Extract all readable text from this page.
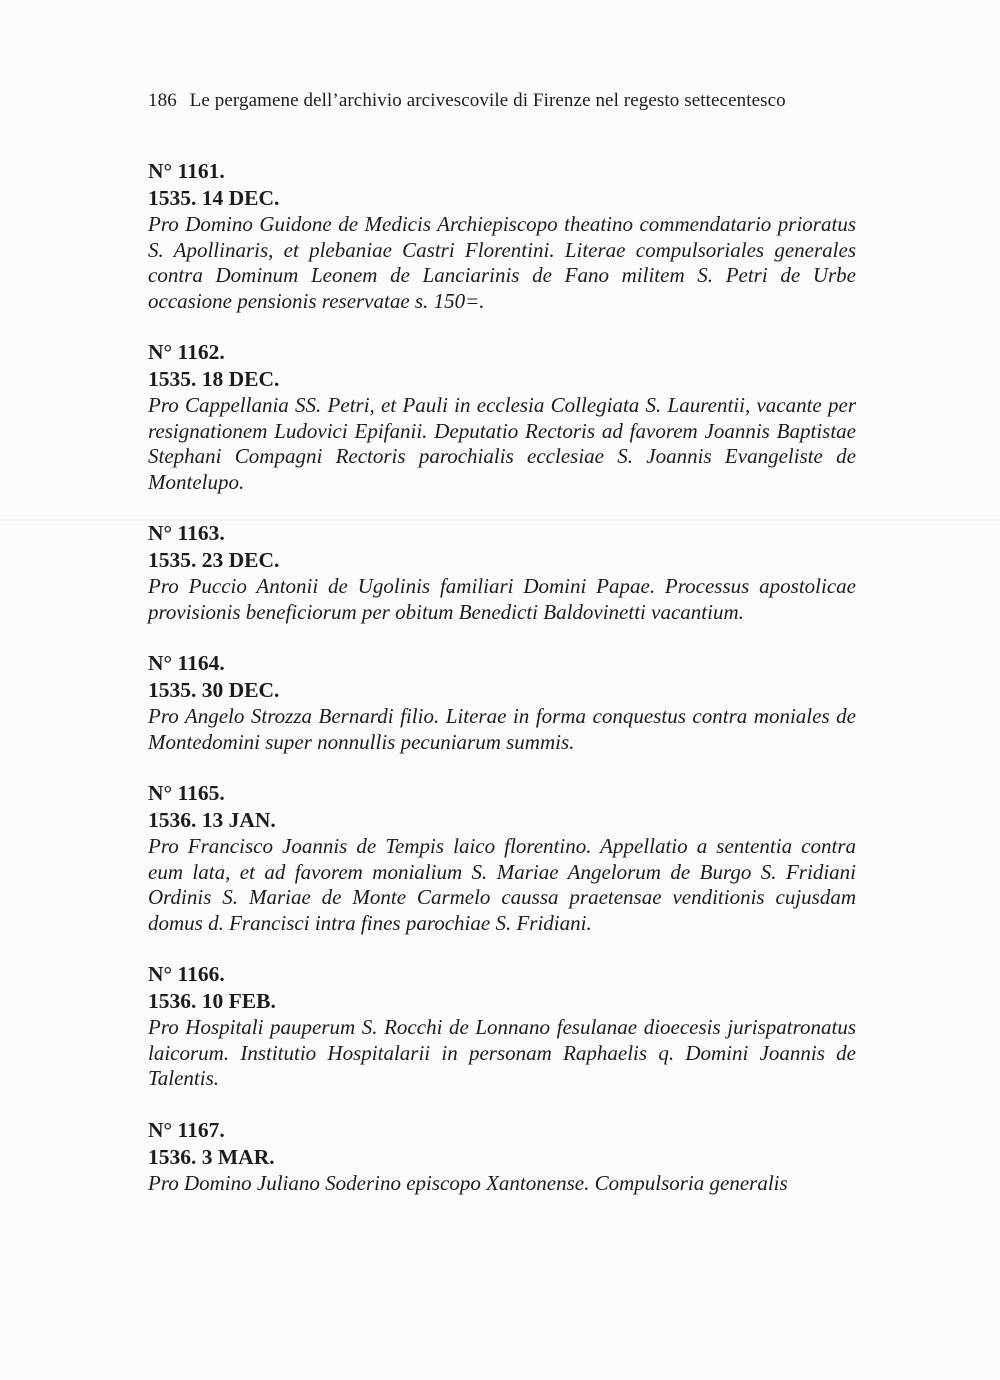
186 Le pergamene dell’archivio arcivescovile di Firenze nel regesto settecentesco
N° 1161.
1535. 14 DEC.
Pro Domino Guidone de Medicis Archiepiscopo theatino commendatario prioratus S. Apollinaris, et plebaniae Castri Florentini. Literae compulsoriales generales contra Dominum Leonem de Lanciarinis de Fano militem S. Petri de Urbe occasione pensionis reservatae s. 150=.
N° 1162.
1535. 18 DEC.
Pro Cappellania SS. Petri, et Pauli in ecclesia Collegiata S. Laurentii, vacante per resignationem Ludovici Epifanii. Deputatio Rectoris ad favorem Joannis Baptistae Stephani Compagni Rectoris parochialis ecclesiae S. Joannis Evangeliste de Montelupo.
N° 1163.
1535. 23 DEC.
Pro Puccio Antonii de Ugolinis familiari Domini Papae. Processus apostolicae provisionis beneficiorum per obitum Benedicti Baldovinetti vacantium.
N° 1164.
1535. 30 DEC.
Pro Angelo Strozza Bernardi filio. Literae in forma conquestus contra moniales de Montedomini super nonnullis pecuniarum summis.
N° 1165.
1536. 13 JAN.
Pro Francisco Joannis de Tempis laico florentino. Appellatio a sententia contra eum lata, et ad favorem monialium S. Mariae Angelorum de Burgo S. Fridiani Ordinis S. Mariae de Monte Carmelo caussa praetensae venditionis cujusdam domus d. Francisci intra fines parochiae S. Fridiani.
N° 1166.
1536. 10 FEB.
Pro Hospitali pauperum S. Rocchi de Lonnano fesulanae dioecesis jurispatronatus laicorum. Institutio Hospitalarii in personam Raphaelis q. Domini Joannis de Talentis.
N° 1167.
1536. 3 MAR.
Pro Domino Juliano Soderino episcopo Xantonense. Compulsoria generalis
